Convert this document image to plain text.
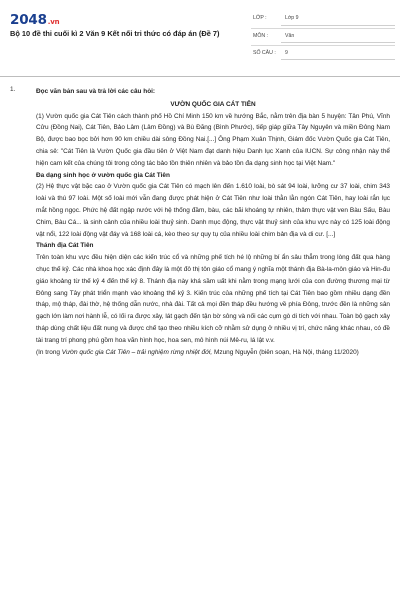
2048.vn
Bộ 10 đề thi cuối kì 2 Văn 9 Kết nối tri thức có đáp án (Đề 7)
LỚP :	Lớp 9
MÔN :	Văn
SỐ CÂU :	9
1.	Đọc văn bản sau và trả lời các câu hỏi:
VƯỜN QUỐC GIA CÁT TIÊN
(1) Vườn quốc gia Cát Tiên cách thành phố Hồ Chí Minh 150 km về hướng Bắc, nằm trên địa bàn 5 huyện: Tân Phú, Vĩnh Cửu (Đồng Nai), Cát Tiên, Bảo Lâm (Lâm Đồng) và Bù Đăng (Bình Phước), tiếp giáp giữa Tây Nguyên và miền Đông Nam Bộ, được bao bọc bởi hơn 90 km chiều dài sông Đồng Nai.[...] Ông Phạm Xuân Thịnh, Giám đốc Vườn Quốc gia Cát Tiên, chia sẻ: "Cát Tiên là Vườn Quốc gia đầu tiên ở Việt Nam đạt danh hiệu Danh lục Xanh của IUCN. Sự công nhận này thể hiện cam kết của chúng tôi trong công tác bảo tồn thiên nhiên và bảo tồn đa dạng sinh học tại Việt Nam."
Đa dạng sinh học ở vườn quốc gia Cát Tiên
(2) Hệ thực vật bặc cao ở Vườn quốc gia Cát Tiên có mạch lên đến 1.610 loài, bò sát 94 loài, lưỡng cư 37 loài, chim 343 loài và thú 97 loài. Một số loài mới vẫn đang được phát hiện ở Cát Tiên như loài thằn lằn ngón Cát Tiên, hay loài rắn lục mắt hồng ngọc. Phức hệ đất ngập nước với hệ thống đầm, bàu, các bãi khoáng tự nhiên, thảm thực vật ven Bàu Sấu, Bàu Chim, Bàu Cá... là sinh cảnh của nhiều loài thuỷ sinh. Danh mục động, thực vật thuỷ sinh của khu vực này có 125 loài động vật nổi, 122 loài động vật đáy và 168 loài cá, kèo theo sự quy tụ của nhiều loài chim bản địa và di cư. [...]
Thánh địa Cát Tiên
Trên toàn khu vực đều hiện diện các kiến trúc cổ và những phế tích hé lộ những bí ẩn sâu thẳm trong lòng đất qua hàng chục thế kỷ. Các nhà khoa học xác định đây là một đô thị tôn giáo cổ mang ý nghĩa một thánh địa Bà-la-môn giáo và Hin-đu giáo khoảng từ thế kỷ 4 đến thế kỷ 8. Thánh địa này khá sầm uất khi nằm trong mạng lưới của con đường thương mại từ Đông sang Tây phát triển mạnh vào khoảng thế kỷ 3. Kiến trúc của những phế tích tại Cát Tiên bao gồm nhiều dạng đền tháp, mộ tháp, đài thờ, hệ thống dẫn nước, nhà đài. Tất cả mọi đền tháp đều hướng về phía Đông, trước đền là những sân gạch lớn làm nơi hành lễ, có lối ra được xây, lát gạch đến tận bờ sông và nối các cụm gò di tích với nhau. Toàn bộ gạch xây tháp dùng chất liệu đất nung và được chế tạo theo nhiều kích cỡ nhằm sử dụng ở nhiều vị trí, chức năng khác nhau, có đề tài trang trí phong phú gồm hoa văn hình học, hoa sen, mô hình núi Mê-ru, lá lật v.v.
(In trong Vườn quốc gia Cát Tiên – trải nghiệm rừng nhiệt đới, Mzung Nguyễn (biên soạn, Hà Nội, tháng 11/2020)
